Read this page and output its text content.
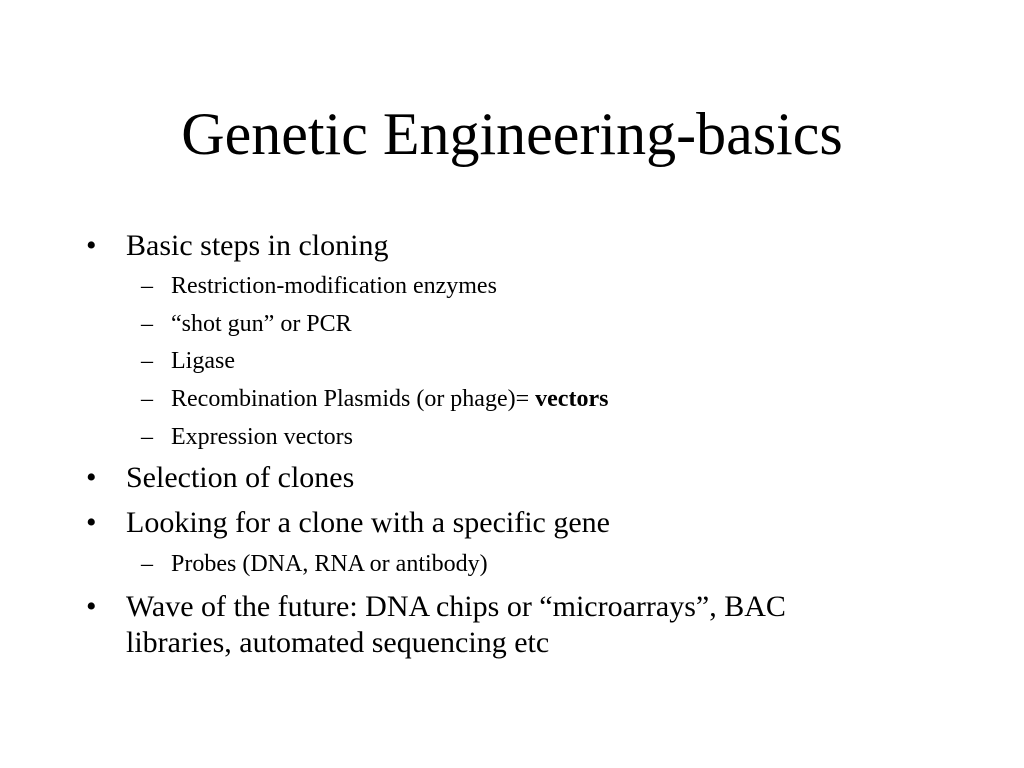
Genetic Engineering-basics
• Basic steps in cloning
– Restriction-modification enzymes
– “shot gun” or PCR
– Ligase
– Recombination Plasmids (or phage)= vectors
– Expression vectors
• Selection of clones
• Looking for a clone with a specific gene
– Probes (DNA, RNA or antibody)
• Wave of the future: DNA chips or “microarrays”, BAC
libraries, automated sequencing etc
